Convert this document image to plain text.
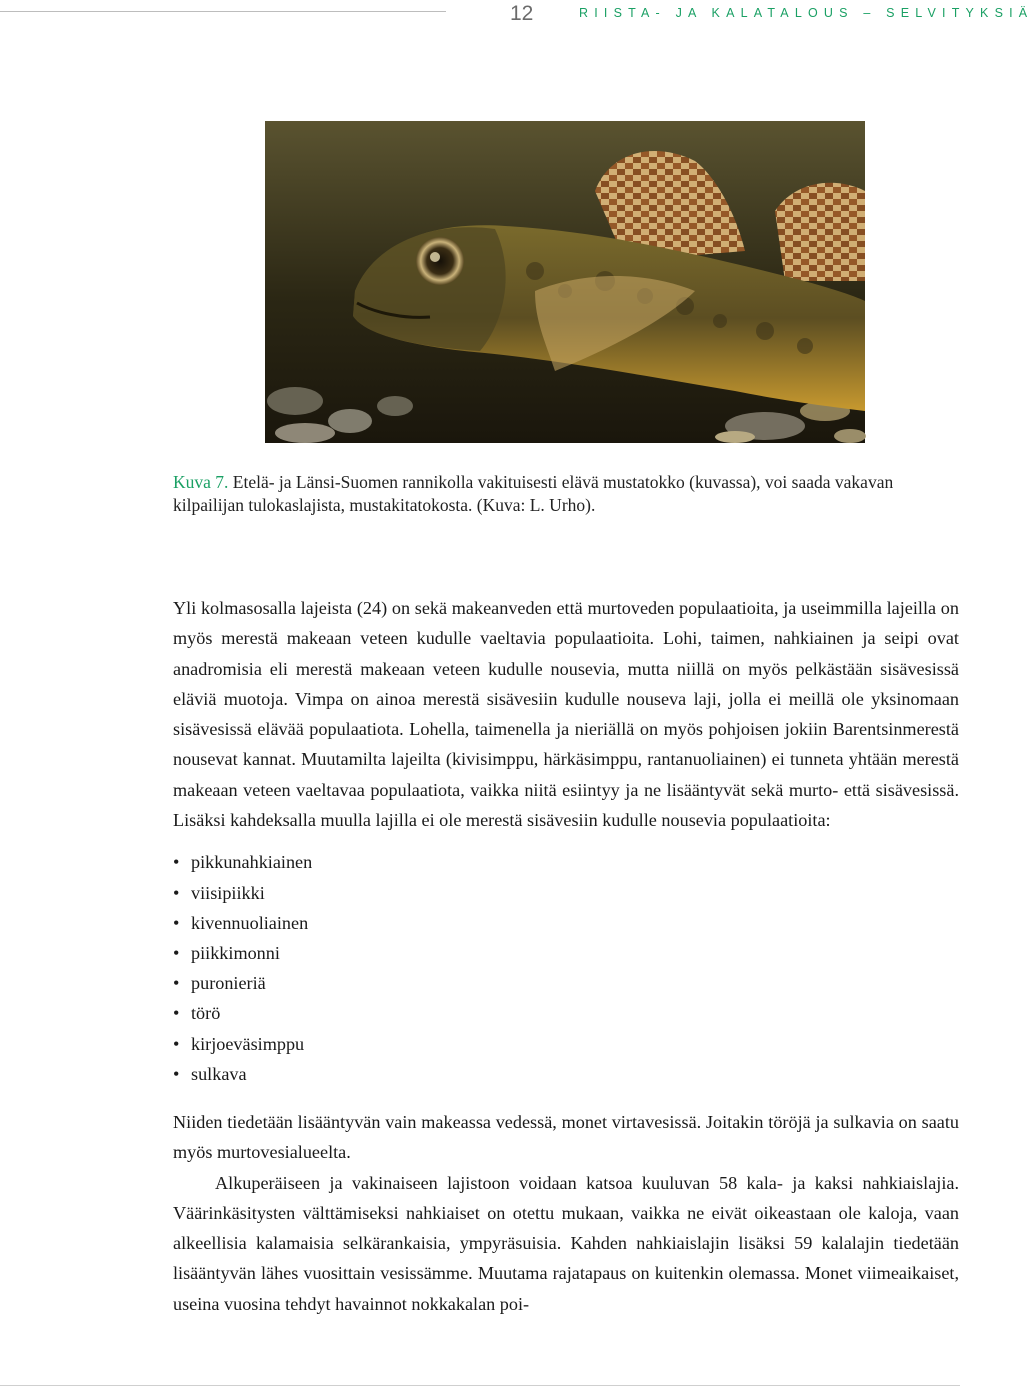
12	RIISTA- JA KALATALOUS – SELVITYKSIÄ
Kuva 7. Etelä- ja Länsi-Suomen rannikolla vakituisesti elävä mustatokko (kuvassa), voi saada vakavan kilpailijan tulokaslajista, mustakitatokosta. (Kuva: L. Urho).

Yli kolmasosalla lajeista (24) on sekä makeanveden että murtoveden populaatioita, ja useimmilla lajeilla on myös merestä makeaan veteen kudulle vaeltavia populaatioita. Lohi, taimen, nahkiainen ja seipi ovat anadromisia eli merestä makeaan veteen kudulle nousevia, mutta niillä on myös pelkästään sisävesissä eläviä muotoja. Vimpa on ainoa merestä sisävesiin kudulle nouseva laji, jolla ei meillä ole yksinomaan sisävesissä elävää populaatiota. Lohella, taimenella ja nieriällä on myös pohjoisen jokiin Barentsinmerestä nousevat kannat. Muutamilta lajeilta (kivisimppu, härkäsimppu, rantanuoliainen) ei tunneta yhtään merestä makeaan veteen vaeltavaa populaatiota, vaikka niitä esiintyy ja ne lisääntyvät sekä murto- että sisävesissä. Lisäksi kahdeksalla muulla lajilla ei ole merestä sisävesiin kudulle nousevia populaatioita:

• pikkunahkiainen
• viisipiikki
• kivennuoliainen
• piikkimonni
• puronieriä
• törö
• kirjoeväsimppu
• sulkava

Niiden tiedetään lisääntyvän vain makeassa vedessä, monet virtavesissä. Joitakin töröjä ja sulkavia on saatu myös murtovesialueelta.

Alkuperäiseen ja vakinaiseen lajistoon voidaan katsoa kuuluvan 58 kala- ja kaksi nahkiaislajia. Väärinkäsitysten välttämiseksi nahkiaiset on otettu mukaan, vaikka ne eivät oikeastaan ole kaloja, vaan alkeellisia kalamaisia selkärankaisia, ympyräsuisia. Kahden nahkiaislajin lisäksi 59 kalalajin tiedetään lisääntyvän lähes vuosittain vesissämme. Muutama rajatapaus on kuitenkin olemassa. Monet viimeaikaiset, useina vuosina tehdyt havainnot nokkakalan poi-
